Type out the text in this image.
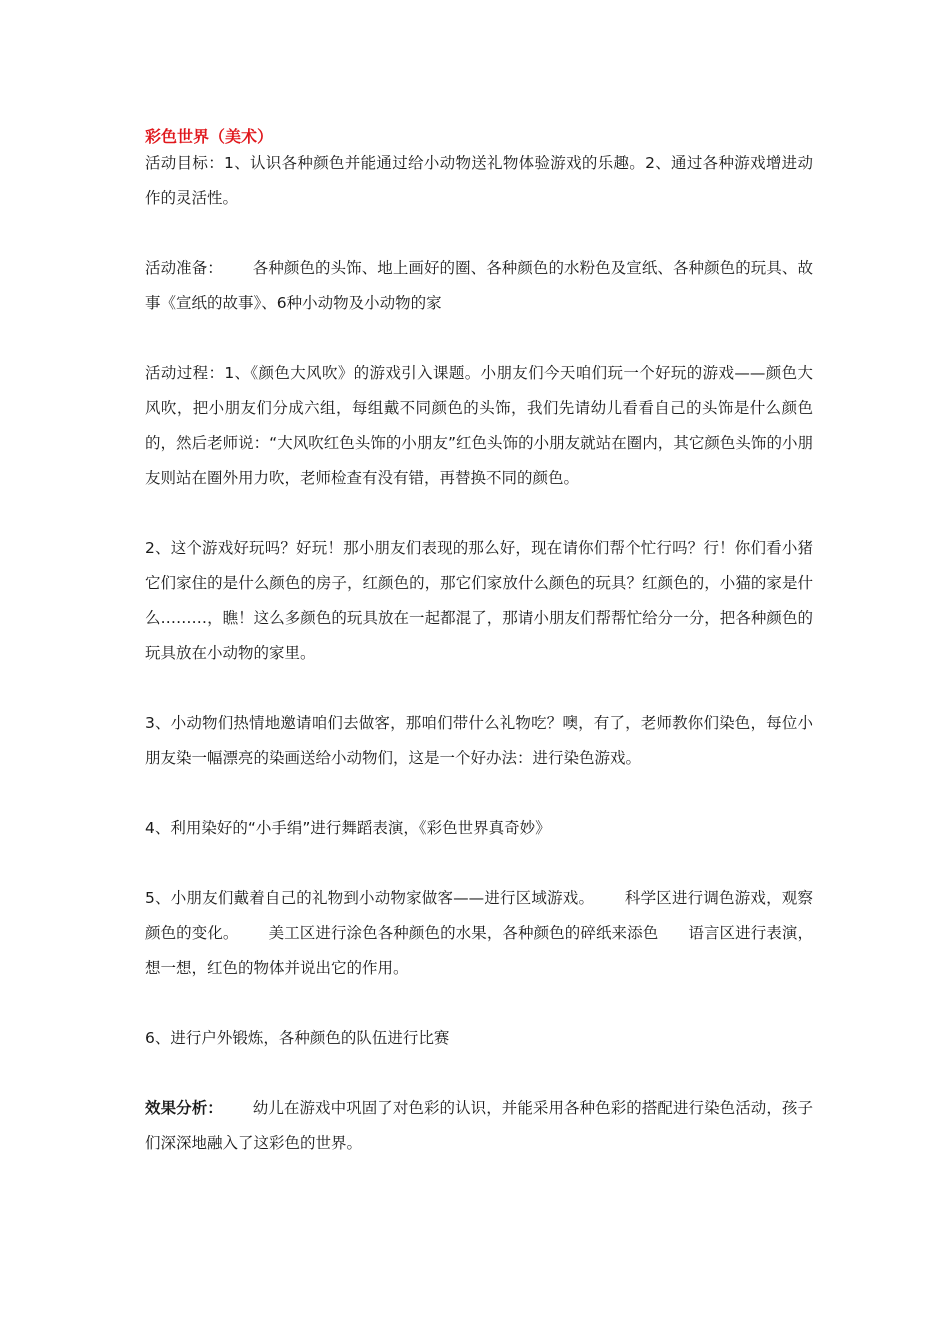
彩色世界（美术）

活动目标：1、认识各种颜色并能通过给小动物送礼物体验游戏的乐趣。2、通过各种游戏增进动作的灵活性。

活动准备：      各种颜色的头饰、地上画好的圈、各种颜色的水粉色及宣纸、各种颜色的玩具、故事《宣纸的故事》、6种小动物及小动物的家

活动过程：1、《颜色大风吹》的游戏引入课题。小朋友们今天咱们玩一个好玩的游戏——颜色大风吹，把小朋友们分成六组，每组戴不同颜色的头饰，我们先请幼儿看看自己的头饰是什么颜色的，然后老师说：“大风吹红色头饰的小朋友”红色头饰的小朋友就站在圈内，其它颜色头饰的小朋友则站在圈外用力吹，老师检查有没有错，再替换不同的颜色。

2、这个游戏好玩吗？好玩！那小朋友们表现的那么好，现在请你们帮个忙行吗？行！你们看小猪它们家住的是什么颜色的房子，红颜色的，那它们家放什么颜色的玩具？红颜色的，小猫的家是什么………，瞧！这么多颜色的玩具放在一起都混了，那请小朋友们帮帮忙给分一分，把各种颜色的玩具放在小动物的家里。

3、小动物们热情地邀请咱们去做客，那咱们带什么礼物吃？噢，有了，老师教你们染色，每位小朋友染一幅漂亮的染画送给小动物们，这是一个好办法：进行染色游戏。

4、利用染好的“小手绢”进行舞蹈表演，《彩色世界真奇妙》

5、小朋友们戴着自己的礼物到小动物家做客——进行区域游戏。      科学区进行调色游戏，观察颜色的变化。      美工区进行涂色各种颜色的水果，各种颜色的碎纸来添色      语言区进行表演，想一想，红色的物体并说出它的作用。

6、进行户外锻炼，各种颜色的队伍进行比赛

效果分析：      幼儿在游戏中巩固了对色彩的认识，并能采用各种色彩的搭配进行染色活动，孩子们深深地融入了这彩色的世界。
